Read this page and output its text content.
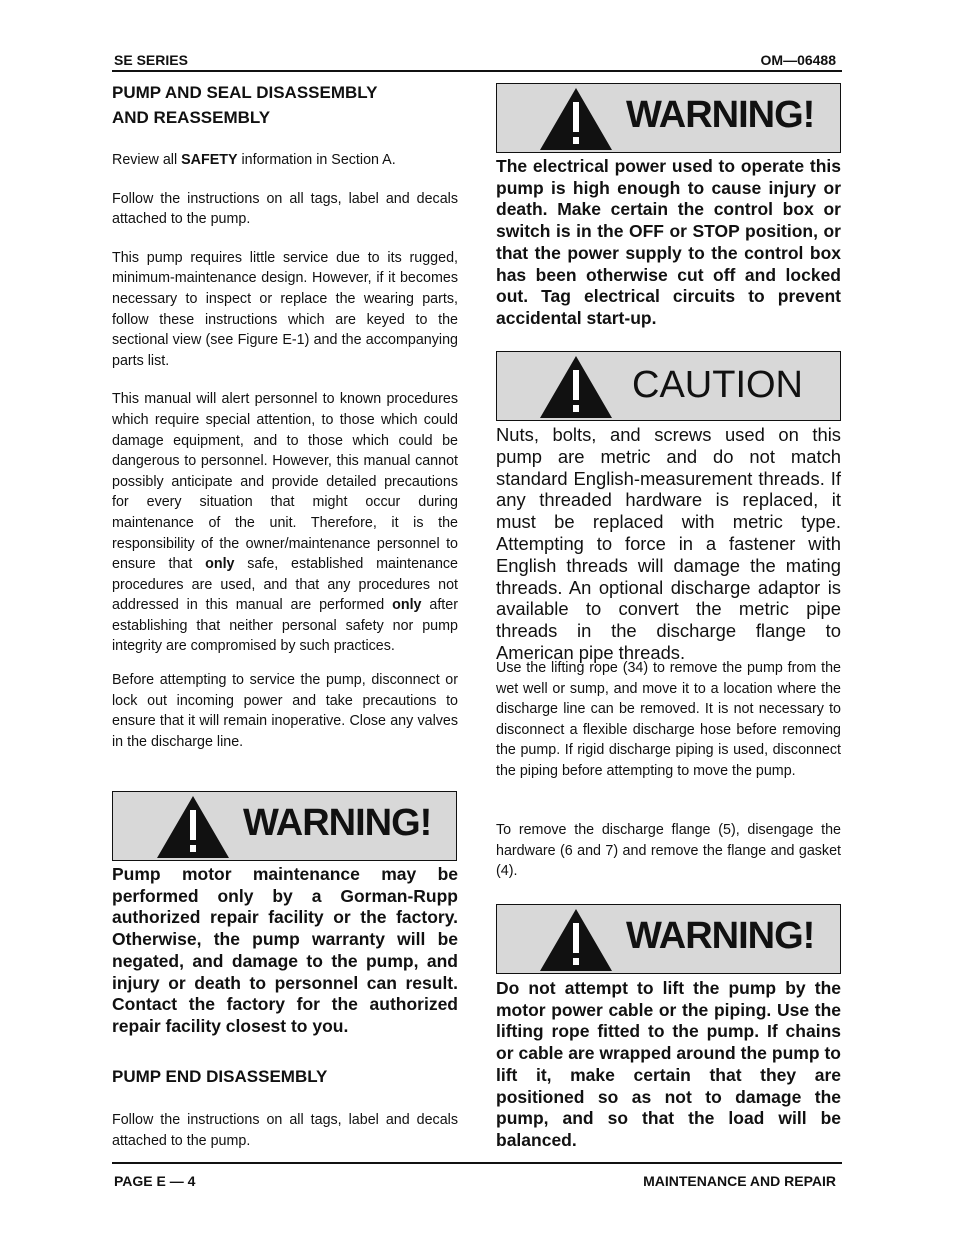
SE SERIES	OM—06488

PUMP AND SEAL DISASSEMBLY
AND REASSEMBLY

Review all SAFETY information in Section A.

Follow the instructions on all tags, label and decals attached to the pump.

This pump requires little service due to its rugged, minimum-maintenance design. However, if it becomes necessary to inspect or replace the wearing parts, follow these instructions which are keyed to the sectional view (see Figure E-1) and the accompanying parts list.

This manual will alert personnel to known procedures which require special attention, to those which could damage equipment, and to those which could be dangerous to personnel. However, this manual cannot possibly anticipate and provide detailed precautions for every situation that might occur during maintenance of the unit. Therefore, it is the responsibility of the owner/maintenance personnel to ensure that only safe, established maintenance procedures are used, and that any procedures not addressed in this manual are performed only after establishing that neither personal safety nor pump integrity are compromised by such practices.

Before attempting to service the pump, disconnect or lock out incoming power and take precautions to ensure that it will remain inoperative. Close any valves in the discharge line.

WARNING!

Pump motor maintenance may be performed only by a Gorman-Rupp authorized repair facility or the factory. Otherwise, the pump warranty will be negated, and damage to the pump, and injury or death to personnel can result. Contact the factory for the authorized repair facility closest to you.

PUMP END DISASSEMBLY

Follow the instructions on all tags, label and decals attached to the pump.

WARNING!

The electrical power used to operate this pump is high enough to cause injury or death. Make certain the control box or switch is in the OFF or STOP position, or that the power supply to the control box has been otherwise cut off and locked out. Tag electrical circuits to prevent accidental start-up.

CAUTION

Nuts, bolts, and screws used on this pump are metric and do not match standard English-measurement threads. If any threaded hardware is replaced, it must be replaced with metric type. Attempting to force in a fastener with English threads will damage the mating threads. An optional discharge adaptor is available to convert the metric pipe threads in the discharge flange to American pipe threads.

Use the lifting rope (34) to remove the pump from the wet well or sump, and move it to a location where the discharge line can be removed. It is not necessary to disconnect a flexible discharge hose before removing the pump. If rigid discharge piping is used, disconnect the piping before attempting to move the pump.

To remove the discharge flange (5), disengage the hardware (6 and 7) and remove the flange and gasket (4).

WARNING!

Do not attempt to lift the pump by the motor power cable or the piping. Use the lifting rope fitted to the pump. If chains or cable are wrapped around the pump to lift it, make certain that they are positioned so as not to damage the pump, and so that the load will be balanced.

PAGE E — 4	MAINTENANCE AND REPAIR
